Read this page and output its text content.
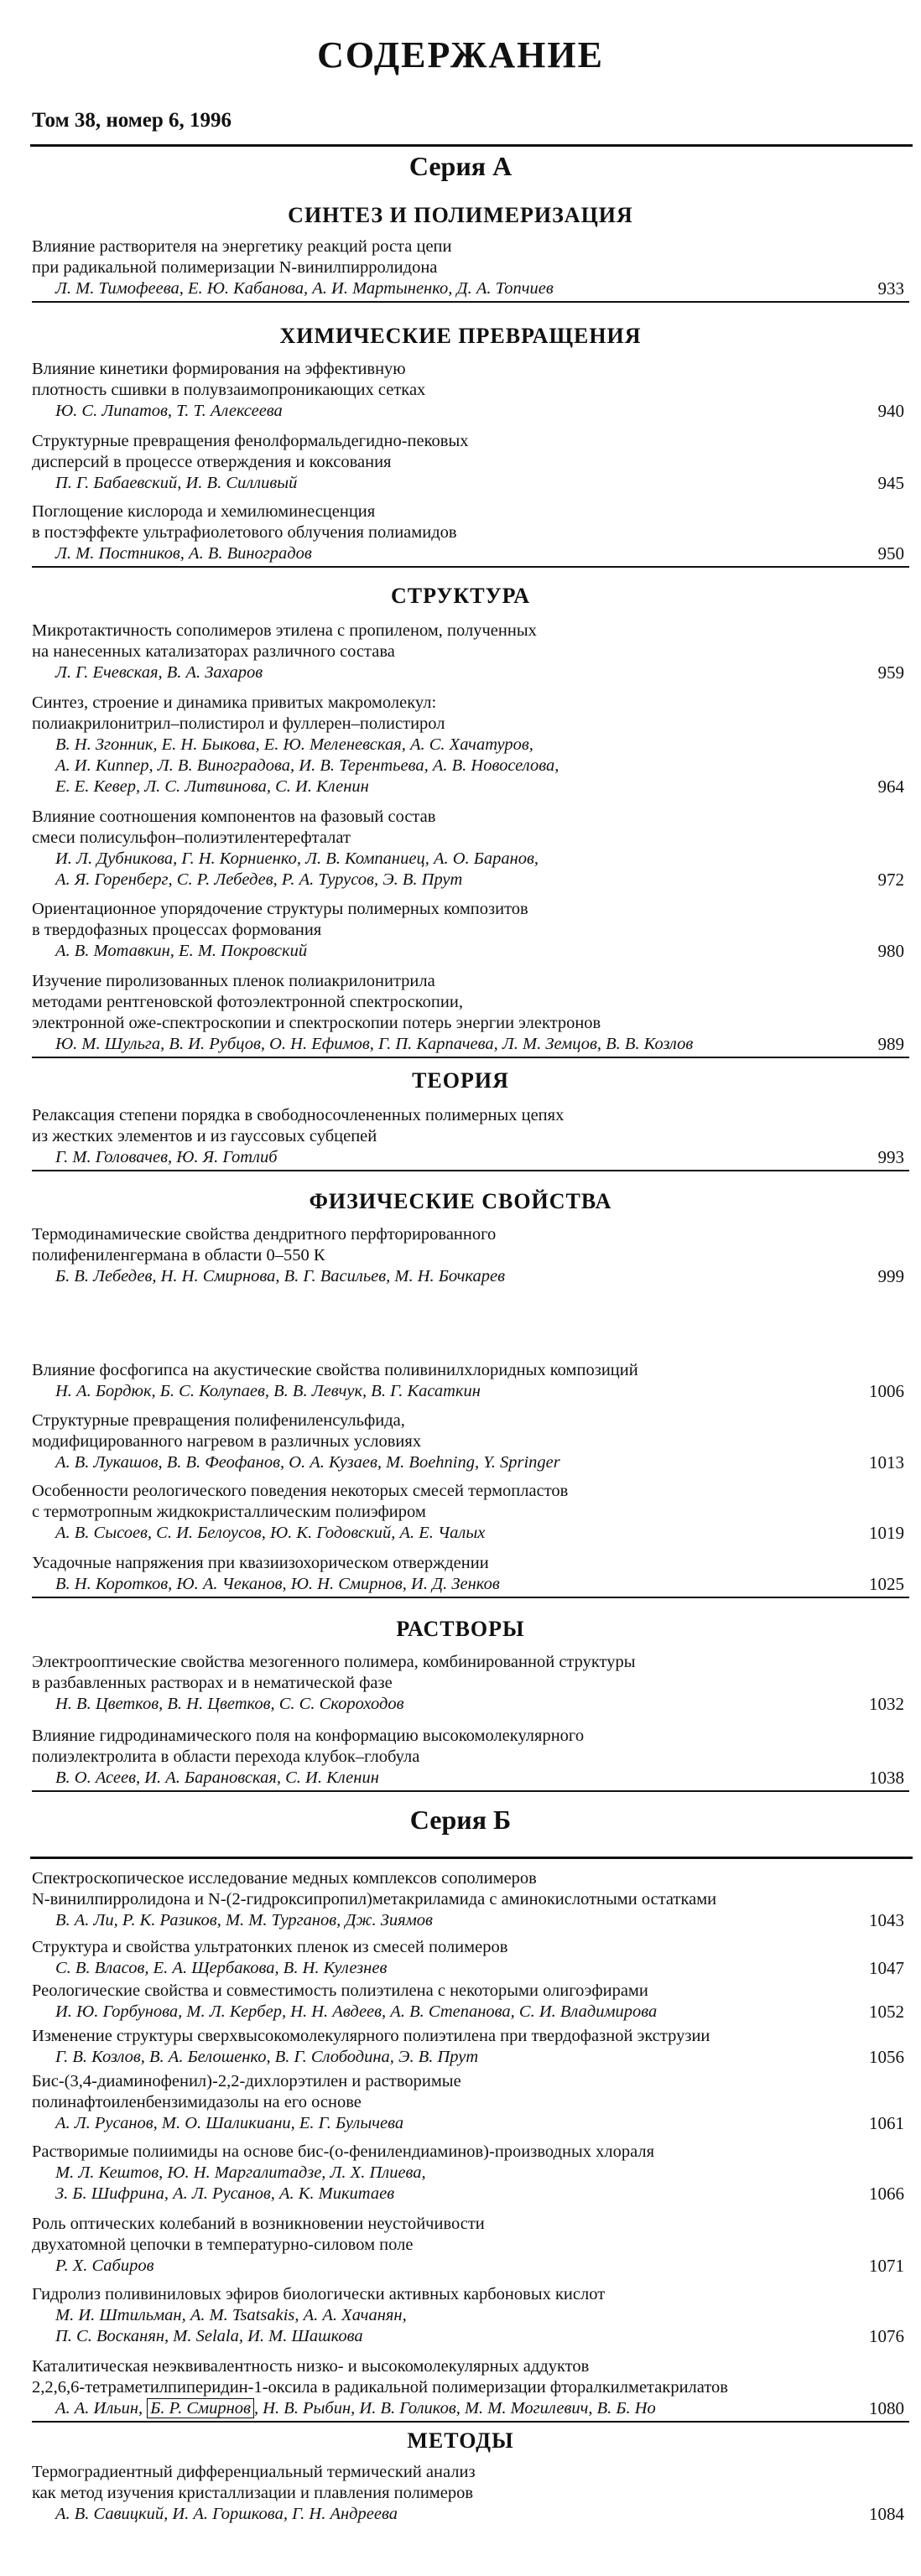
СОДЕРЖАНИЕ
Том 38, номер 6, 1996
Серия А
СИНТЕЗ И ПОЛИМЕРИЗАЦИЯ
Влияние растворителя на энергетику реакций роста цепи
при радикальной полимеризации N-винилпирролидона
Л. М. Тимофеева, Е. Ю. Кабанова, А. И. Мартыненко, Д. А. Топчиев	933
ХИМИЧЕСКИЕ ПРЕВРАЩЕНИЯ
Влияние кинетики формирования на эффективную
плотность сшивки в полувзаимопроникающих сетках
Ю. С. Липатов, Т. Т. Алексеева	940
Структурные превращения фенолформальдегидно-пековых
дисперсий в процессе отверждения и коксования
П. Г. Бабаевский, И. В. Силливый	945
Поглощение кислорода и хемилюминесценция
в постэффекте ультрафиолетового облучения полиамидов
Л. М. Постников, А. В. Виноградов	950
СТРУКТУРА
Микротактичность сополимеров этилена с пропиленом, полученных
на нанесенных катализаторах различного состава
Л. Г. Ечевская, В. А. Захаров	959
Синтез, строение и динамика привитых макромолекул:
полиакрилонитрил–полистирол и фуллерен–полистирол
В. Н. Згонник, Е. Н. Быкова, Е. Ю. Меленевская, А. С. Хачатуров,
А. И. Киппер, Л. В. Виноградова, И. В. Терентьева, А. В. Новоселова,
Е. Е. Кевер, Л. С. Литвинова, С. И. Кленин	964
Влияние соотношения компонентов на фазовый состав
смеси полисульфон–полиэтилентерефталат
И. Л. Дубникова, Г. Н. Корниенко, Л. В. Компаниец, А. О. Баранов,
А. Я. Горенберг, С. Р. Лебедев, Р. А. Турусов, Э. В. Прут	972
Ориентационное упорядочение структуры полимерных композитов
в твердофазных процессах формования
А. В. Мотавкин, Е. М. Покровский	980
Изучение пиролизованных пленок полиакрилонитрила
методами рентгеновской фотоэлектронной спектроскопии,
электронной оже-спектроскопии и спектроскопии потерь энергии электронов
Ю. М. Шульга, В. И. Рубцов, О. Н. Ефимов, Г. П. Карпачева, Л. М. Земцов, В. В. Козлов	989
ТЕОРИЯ
Релаксация степени порядка в свободносочлененных полимерных цепях
из жестких элементов и из гауссовых субцепей
Г. М. Головачев, Ю. Я. Готлиб	993
ФИЗИЧЕСКИЕ СВОЙСТВА
Термодинамические свойства дендритного перфторированного
полифениленгермана в области 0–550 К
Б. В. Лебедев, Н. Н. Смирнова, В. Г. Васильев, М. Н. Бочкарев	999
Влияние фосфогипса на акустические свойства поливинилхлоридных композиций
Н. А. Бордюк, Б. С. Колупаев, В. В. Левчук, В. Г. Касаткин	1006
Структурные превращения полифениленсульфида,
модифицированного нагревом в различных условиях
А. В. Лукашов, В. В. Феофанов, О. А. Кузаев, M. Boehning, Y. Springer	1013
Особенности реологического поведения некоторых смесей термопластов
с термотропным жидкокристаллическим полиэфиром
А. В. Сысоев, С. И. Белоусов, Ю. К. Годовский, А. Е. Чалых	1019
Усадочные напряжения при квазиизохорическом отверждении
В. Н. Коротков, Ю. А. Чеканов, Ю. Н. Смирнов, И. Д. Зенков	1025
РАСТВОРЫ
Электрооптические свойства мезогенного полимера, комбинированной структуры
в разбавленных растворах и в нематической фазе
Н. В. Цветков, В. Н. Цветков, С. С. Скороходов	1032
Влияние гидродинамического поля на конформацию высокомолекулярного
полиэлектролита в области перехода клубок–глобула
В. О. Асеев, И. А. Барановская, С. И. Кленин	1038
Серия Б
Спектроскопическое исследование медных комплексов сополимеров
N-винилпирролидона и N-(2-гидроксипропил)метакриламида с аминокислотными остатками
В. А. Ли, Р. К. Разиков, М. М. Турганов, Дж. Зиямов	1043
Структура и свойства ультратонких пленок из смесей полимеров
С. В. Власов, Е. А. Щербакова, В. Н. Кулезнев	1047
Реологические свойства и совместимость полиэтилена с некоторыми олигоэфирами
И. Ю. Горбунова, М. Л. Кербер, Н. Н. Авдеев, А. В. Степанова, С. И. Владимирова	1052
Изменение структуры сверхвысокомолекулярного полиэтилена при твердофазной экструзии
Г. В. Козлов, В. А. Белошенко, В. Г. Слободина, Э. В. Прут	1056
Бис-(3,4-диаминофенил)-2,2-дихлорэтилен и растворимые
полинафтоиленбензимидазолы на его основе
А. Л. Русанов, М. О. Шаликиани, Е. Г. Булычева	1061
Растворимые полиимиды на основе бис-(о-фенилендиаминов)-производных хлораля
М. Л. Кештов, Ю. Н. Маргалитадзе, Л. Х. Плиева,
З. Б. Шифрина, А. Л. Русанов, А. К. Микитаев	1066
Роль оптических колебаний в возникновении неустойчивости
двухатомной цепочки в температурно-силовом поле
Р. Х. Сабиров	1071
Гидролиз поливиниловых эфиров биологически активных карбоновых кислот
М. И. Штильман, А. М. Tsatsakis, А. А. Хачанян,
П. С. Восканян, M. Selala, И. М. Шашкова	1076
Каталитическая неэквивалентность низко- и высокомолекулярных аддуктов
2,2,6,6-тетраметилпиперидин-1-оксила в радикальной полимеризации фторалкилметакрилатов
А. А. Ильин, Б. Р. Смирнов , Н. В. Рыбин, И. В. Голиков, М. М. Могилевич, В. Б. Но	1080
МЕТОДЫ
Термоградиентный дифференциальный термический анализ
как метод изучения кристаллизации и плавления полимеров
А. В. Савицкий, И. А. Горшкова, Г. Н. Андреева	1084
